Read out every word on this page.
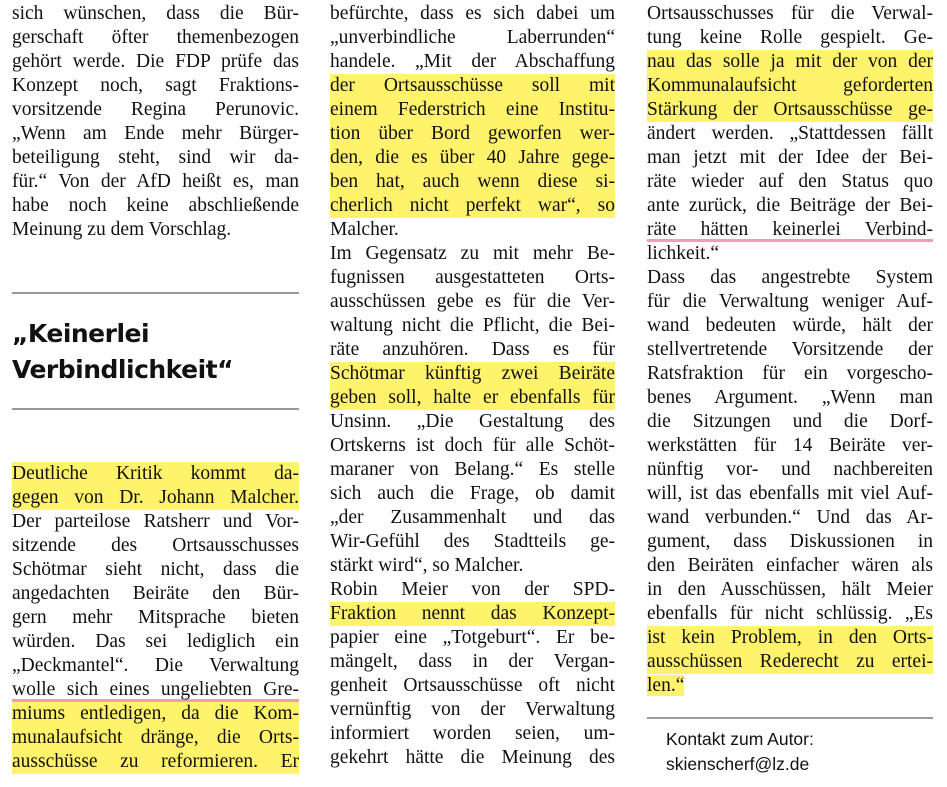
sich wünschen, dass die Bür-
gerschaft öfter themenbezogen
gehört werde. Die FDP prüfe das
Konzept noch, sagt Fraktions-
vorsitzende Regina Perunovic.
„Wenn am Ende mehr Bürger-
beteiligung steht, sind wir da-
für.“ Von der AfD heißt es, man
habe noch keine abschließende
Meinung zu dem Vorschlag.
Deutliche Kritik kommt da-
gegen von Dr. Johann Malcher.
Der parteilose Ratsherr und Vor-
sitzende des Ortsausschusses
Schötmar sieht nicht, dass die
angedachten Beiräte den Bür-
gern mehr Mitsprache bieten
würden. Das sei lediglich ein
„Deckmantel“. Die Verwaltung
wolle sich eines ungeliebten Gre-
miums entledigen, da die Kom-
munalaufsicht dränge, die Orts-
ausschüsse zu reformieren. Er
befürchte, dass es sich dabei um
„unverbindliche Laberrunden“
handele. „Mit der Abschaffung
der Ortsausschüsse soll mit
einem Federstrich eine Institu-
tion über Bord geworfen wer-
den, die es über 40 Jahre gege-
ben hat, auch wenn diese si-
cherlich nicht perfekt war“, so
Malcher.
Im Gegensatz zu mit mehr Be-
fugnissen ausgestatteten Orts-
ausschüssen gebe es für die Ver-
waltung nicht die Pflicht, die Bei-
räte anzuhören. Dass es für
Schötmar künftig zwei Beiräte
geben soll, halte er ebenfalls für
Unsinn. „Die Gestaltung des
Ortskerns ist doch für alle Schöt-
maraner von Belang.“ Es stelle
sich auch die Frage, ob damit
„der Zusammenhalt und das
Wir-Gefühl des Stadtteils ge-
stärkt wird“, so Malcher.
Robin Meier von der SPD-
Fraktion nennt das Konzept-
papier eine „Totgeburt“. Er be-
mängelt, dass in der Vergan-
genheit Ortsausschüsse oft nicht
vernünftig von der Verwaltung
informiert worden seien, um-
gekehrt hätte die Meinung des
Ortsausschusses für die Verwal-
tung keine Rolle gespielt. Ge-
nau das solle ja mit der von der
Kommunalaufsicht geforderten
Stärkung der Ortsausschüsse ge-
ändert werden. „Stattdessen fällt
man jetzt mit der Idee der Bei-
räte wieder auf den Status quo
ante zurück, die Beiträge der Bei-
räte hätten keinerlei Verbind-
lichkeit.“
Dass das angestrebte System
für die Verwaltung weniger Auf-
wand bedeuten würde, hält der
stellvertretende Vorsitzende der
Ratsfraktion für ein vorgescho-
benes Argument. „Wenn man
die Sitzungen und die Dorf-
werkstätten für 14 Beiräte ver-
nünftig vor- und nachbereiten
will, ist das ebenfalls mit viel Auf-
wand verbunden.“ Und das Ar-
gument, dass Diskussionen in
den Beiräten einfacher wären als
in den Ausschüssen, hält Meier
ebenfalls für nicht schlüssig. „Es
ist kein Problem, in den Orts-
ausschüssen Rederecht zu ertei-
len.“
„Keinerlei
Verbindlichkeit“
Kontakt zum Autor:
skienscherf@lz.de
